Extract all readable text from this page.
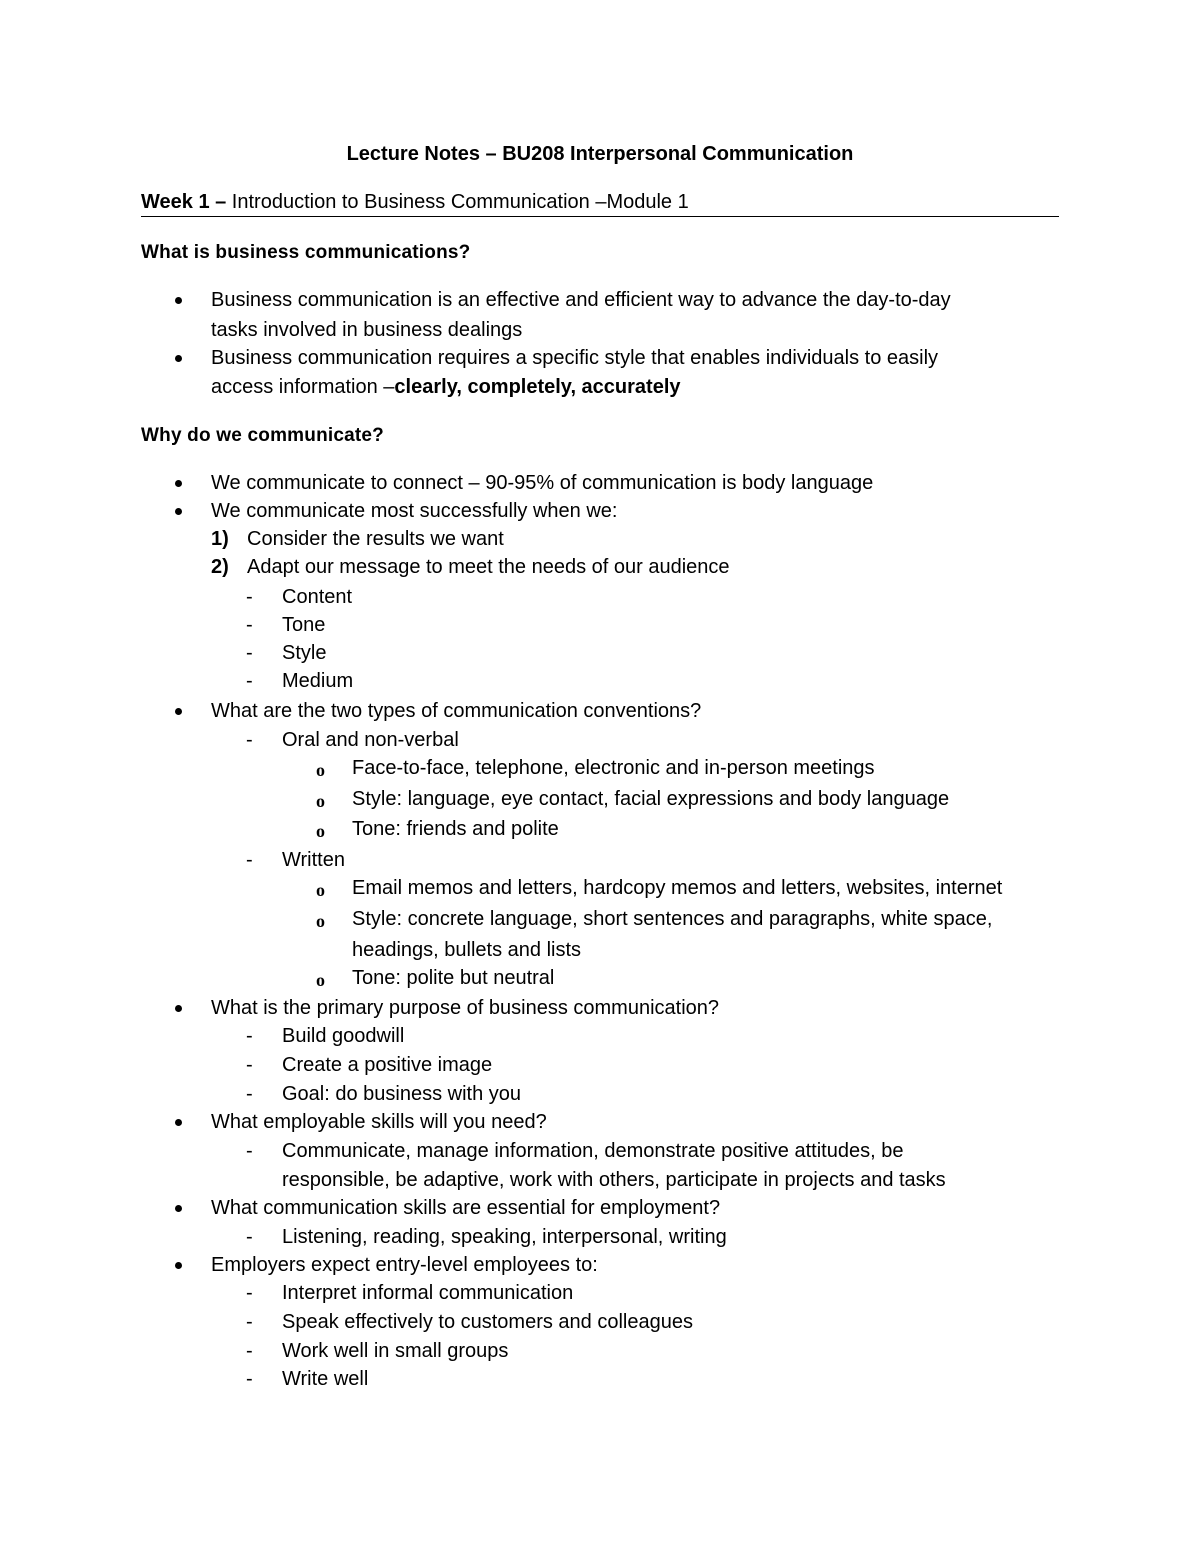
Lecture Notes – BU208 Interpersonal Communication
Week 1 – Introduction to Business Communication –Module 1
What is business communications?
Business communication is an effective and efficient way to advance the day-to-day
tasks involved in business dealings
Business communication requires a specific style that enables individuals to easily
access information –clearly, completely, accurately
Why do we communicate?
We communicate to connect – 90-95% of communication is body language
We communicate most successfully when we:
1) Consider the results we want
2) Adapt our message to meet the needs of our audience
- Content
- Tone
- Style
- Medium
What are the two types of communication conventions?
- Oral and non-verbal
o Face-to-face, telephone, electronic and in-person meetings
o Style: language, eye contact, facial expressions and body language
o Tone: friends and polite
- Written
o Email memos and letters, hardcopy memos and letters, websites, internet
o Style: concrete language, short sentences and paragraphs, white space,
headings, bullets and lists
o Tone: polite but neutral
What is the primary purpose of business communication?
- Build goodwill
- Create a positive image
- Goal: do business with you
What employable skills will you need?
- Communicate, manage information, demonstrate positive attitudes, be
responsible, be adaptive, work with others, participate in projects and tasks
What communication skills are essential for employment?
- Listening, reading, speaking, interpersonal, writing
Employers expect entry-level employees to:
- Interpret informal communication
- Speak effectively to customers and colleagues
- Work well in small groups
- Write well
